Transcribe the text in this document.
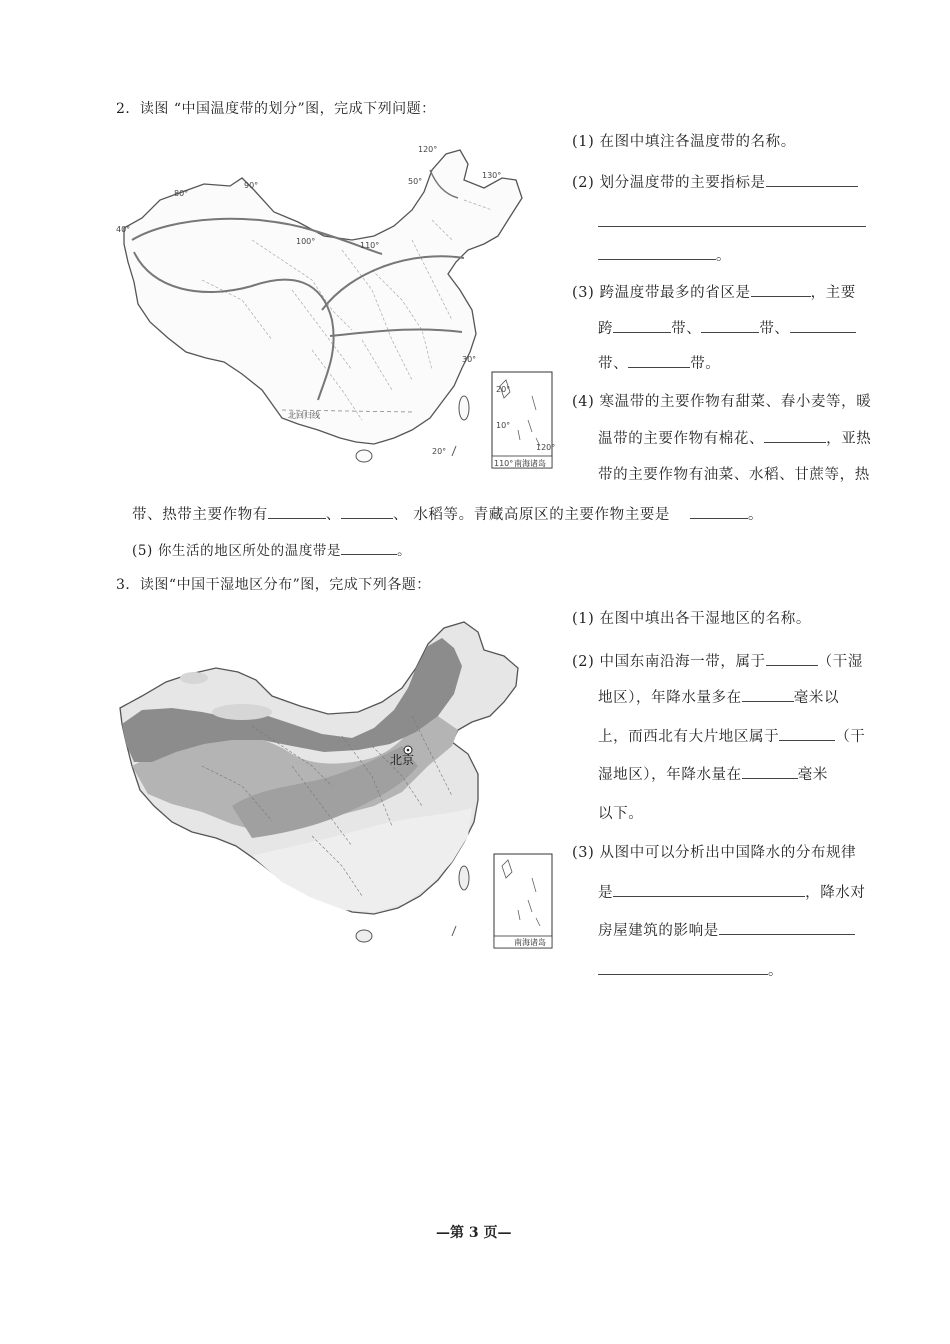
2．读图 “中国温度带的划分”图，完成下列问题：
120°
80°
90°	50°
130°
40°
100°	110°
30°
北回归线
20°
10°
120°
110°
20°
南海诸岛
(1) 在图中填注各温度带的名称。
(2) 划分温度带的主要指标是
。
(3) 跨温度带最多的省区是	，主要
跨	带、	带、
带、	带。
(4) 寒温带的主要作物有甜菜、春小麦等，暖
温带的主要作物有棉花、	，亚热
带的主要作物有油菜、水稻、甘蔗等，热
带、热带主要作物有	、	、 水稻等。青藏高原区的主要作物主要是	。
(5) 你生活的地区所处的温度带是	。
3．读图“中国干湿地区分布”图，完成下列各题：
北京
南海诸岛
(1) 在图中填出各干湿地区的名称。
(2) 中国东南沿海一带，属于	（干湿
地区），年降水量多在	毫米以
上，而西北有大片地区属于	（干
湿地区），年降水量在	毫米
以下。
(3) 从图中可以分析出中国降水的分布规律
是	，降水对
房屋建筑的影响是
。
—第 3 页—
